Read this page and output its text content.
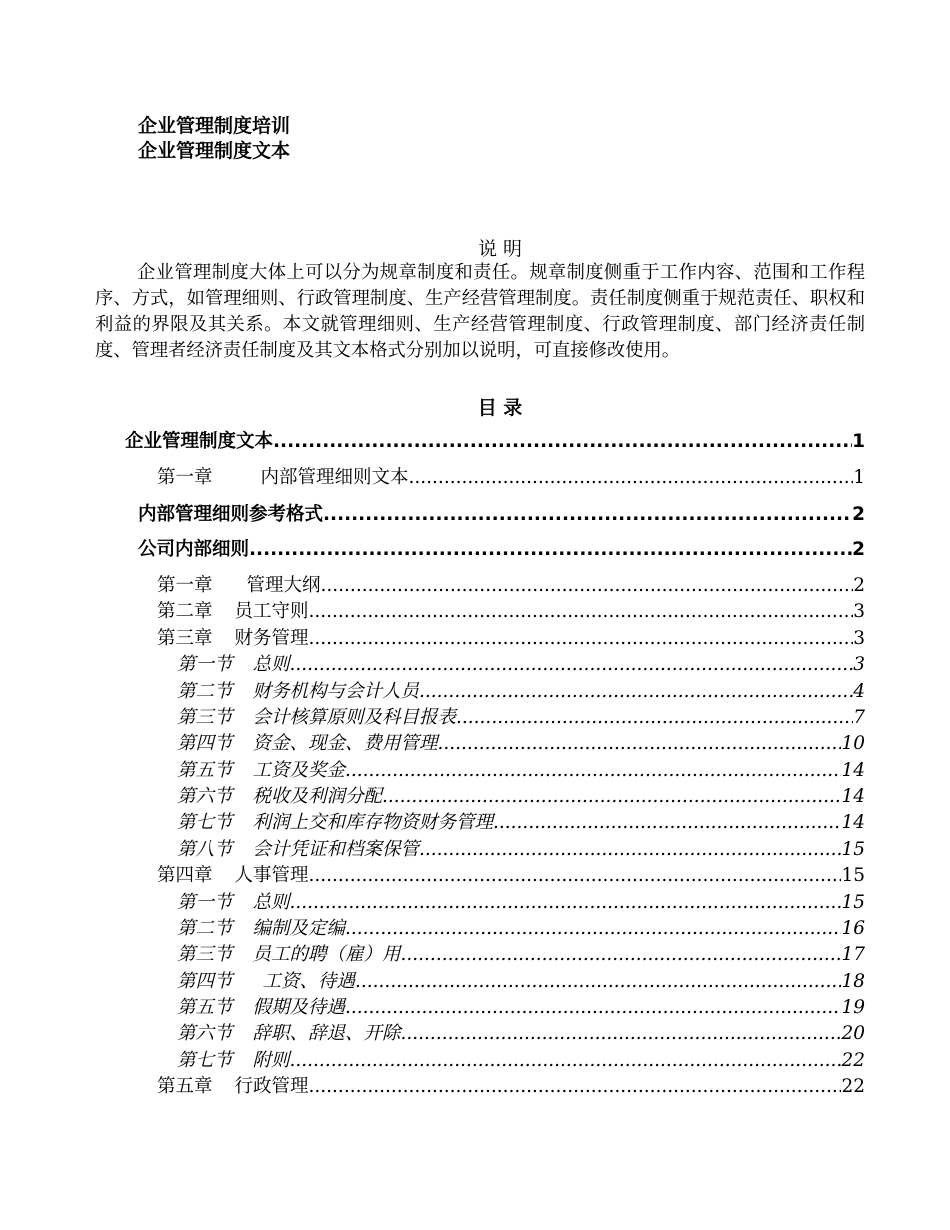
企业管理制度培训
企业管理制度文本
说 明

企业管理制度大体上可以分为规章制度和责任。规章制度侧重于工作内容、范围和工作程序、方式，如管理细则、行政管理制度、生产经营管理制度。责任制度侧重于规范责任、职权和利益的界限及其关系。本文就管理细则、生产经营管理制度、行政管理制度、部门经济责任制度、管理者经济责任制度及其文本格式分别加以说明，可直接修改使用。

目 录
企业管理制度文本 .....	1
第一章	内部管理细则文本 .....	1
内部管理细则参考格式 .....	2
公司内部细则 .....	2
第一章 管理大纲 .....	2
第二章 员工守则 .....	3
第三章 财务管理 .....	3
第一节 总则 .....	3
第二节 财务机构与会计人员 .....	4
第三节 会计核算原则及科目报表 .....	7
第四节 资金、现金、费用管理 .....	10
第五节 工资及奖金 .....	14
第六节 税收及利润分配 .....	14
第七节 利润上交和库存物资财务管理 .....	14
第八节 会计凭证和档案保管 .....	15
第四章 人事管理 .....	15
第一节 总则 .....	15
第二节 编制及定编 .....	16
第三节 员工的聘（雇）用 .....	17
第四节 工资、待遇 .....	18
第五节 假期及待遇 .....	19
第六节 辞职、辞退、开除 .....	20
第七节 附则 .....	22
第五章 行政管理 .....	22
